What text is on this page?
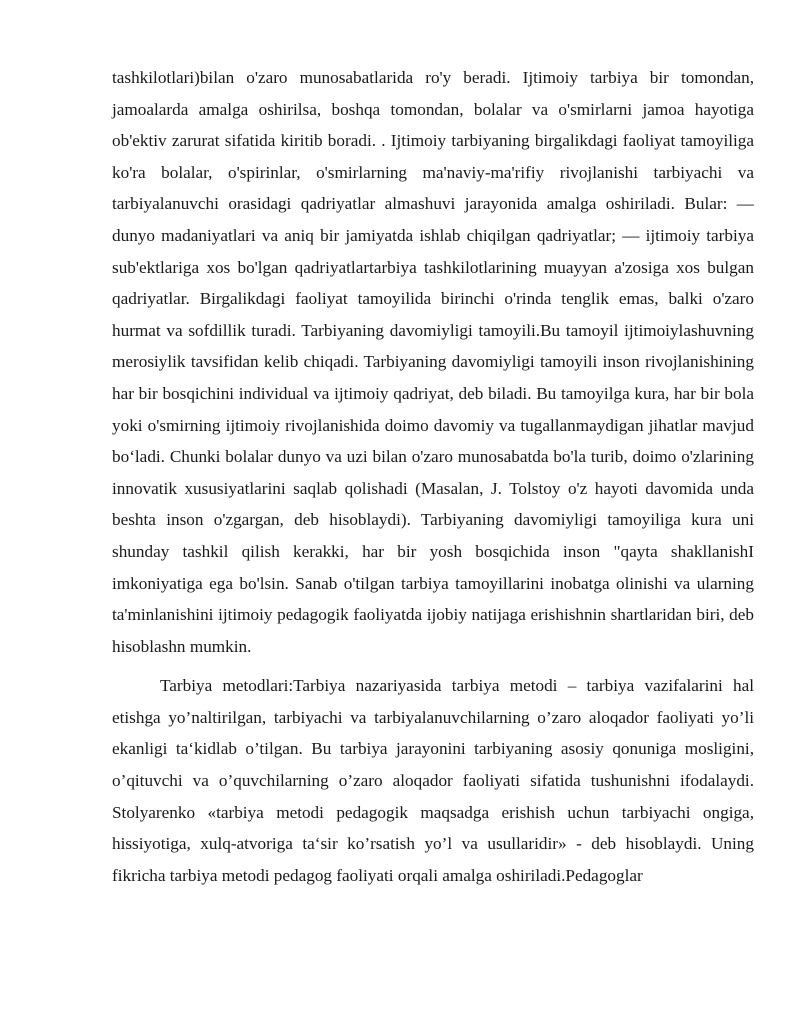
tashkilotlari)bilan o'zaro munosabatlarida ro'y beradi. Ijtimoiy tarbiya bir tomondan, jamoalarda amalga oshirilsa, boshqa tomondan, bolalar va o'smirlarni jamoa hayotiga ob'ektiv zarurat sifatida kiritib boradi. . Ijtimoiy tarbiyaning birgalikdagi faoliyat tamoyiliga ko'ra bolalar, o'spirinlar, o'smirlarning ma'naviy-ma'rifiy rivojlanishi tarbiyachi va tarbiyalanuvchi orasidagi qadriyatlar almashuvi jarayonida amalga oshiriladi. Bular: — dunyo madaniyatlari va aniq bir jamiyatda ishlab chiqilgan qadriyatlar; — ijtimoiy tarbiya sub'ektlariga xos bo'lgan qadriyatlartarbiya tashkilotlarining muayyan a'zosiga xos bulgan qadriyatlar. Birgalikdagi faoliyat tamoyilida birinchi o'rinda tenglik emas, balki o'zaro hurmat va sofdillik turadi. Tarbiyaning davomiyligi tamoyili.Bu tamoyil ijtimoiylashuvning merosiylik tavsifidan kelib chiqadi. Tarbiyaning davomiyligi tamoyili inson rivojlanishining har bir bosqichini individual va ijtimoiy qadriyat, deb biladi. Bu tamoyilga kura, har bir bola yoki o'smirning ijtimoiy rivojlanishida doimo davomiy va tugallanmaydigan jihatlar mavjud bo‘ladi. Chunki bolalar dunyo va uzi bilan o'zaro munosabatda bo'la turib, doimo o'zlarining innovatik xususiyatlarini saqlab qolishadi (Masalan, J. Tolstoy o'z hayoti davomida unda beshta inson o'zgargan, deb hisoblaydi). Tarbiyaning davomiyligi tamoyiliga kura uni shunday tashkil qilish kerakki, har bir yosh bosqichida inson "qayta shakllanishІ imkoniyatiga ega bo'lsin. Sanab o'tilgan tarbiya tamoyillarini inobatga olinishi va ularning ta'minlanishini ijtimoiy pedagogik faoliyatda ijobiy natijaga erishishnin shartlaridan biri, deb hisoblashn mumkin.

Tarbiya metodlari:Tarbiya nazariyasida tarbiya metodi – tarbiya vazifalarini hal etishga yo’naltirilgan, tarbiyachi va tarbiyalanuvchilarning o’zaro aloqador faoliyati yo’li ekanligi ta‘kidlab o’tilgan. Bu tarbiya jarayonini tarbiyaning asosiy qonuniga mosligini, o’qituvchi va o’quvchilarning o’zaro aloqador faoliyati sifatida tushunishni ifodalaydi. Stolyarenko «tarbiya metodi pedagogik maqsadga erishish uchun tarbiyachi ongiga, hissiyotiga, xulq-atvoriga ta‘sir ko’rsatish yo’l va usullaridir» - deb hisoblaydi. Uning fikricha tarbiya metodi pedagog faoliyati orqali amalga oshiriladi.Pedagoglar
